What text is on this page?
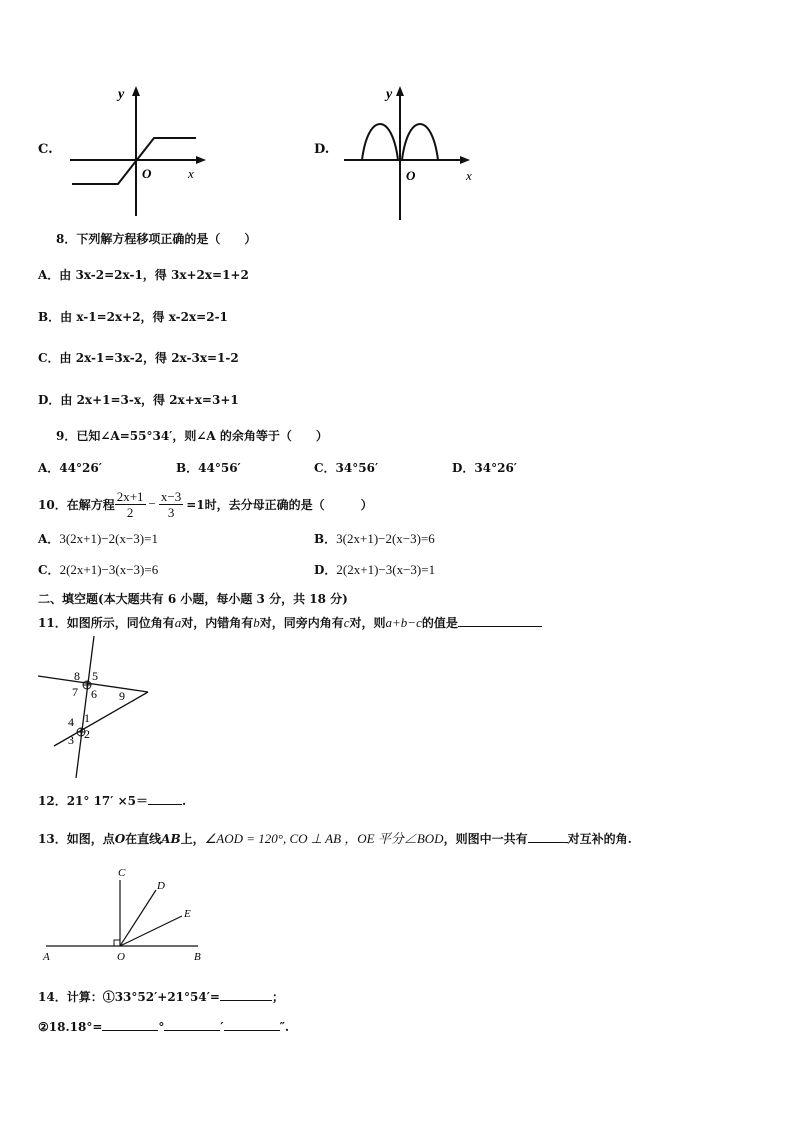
C.
y
O	x
D.
y
O	x
8．下列解方程移项正确的是（　　）
A．由 3x-2=2x-1，得 3x+2x=1+2
B．由 x-1=2x+2，得 x-2x=2-1
C．由 2x-1=3x-2，得 2x-3x=1-2
D．由 2x+1=3-x，得 2x+x=3+1
9．已知∠A=55°34′，则∠A 的余角等于（　　）
A．44°26′	B．44°56′	C．34°56′	D．34°26′
10．在解方程 $\frac{2x+1}{2} - \frac{x-3}{3} =1$时，去分母正确的是（　　　）
A．3(2x+1)−2(x−3)=1	B．3(2x+1)−2(x−3)=6
C．2(2x+1)−3(x−3)=6	D．2(2x+1)−3(x−3)=1
二、填空题(本大题共有 6 小题，每小题 3 分，共 18 分)
11．如图所示，同位角有a对，内错角有b对，同旁内角有c对，则a+b−c的值是
8 5
7 6 9
4 1
3 2
12．21° 17′ ×5＝	.
13．如图，点O在直线AB上，∠AOD = 120°, CO ⊥ AB ，OE 平分∠BOD，则图中一共有	对互补的角.
C
D
E
A	O	B
14．计算：①33°52′+21°54′=	；
②18.18°=	°	′	″.
